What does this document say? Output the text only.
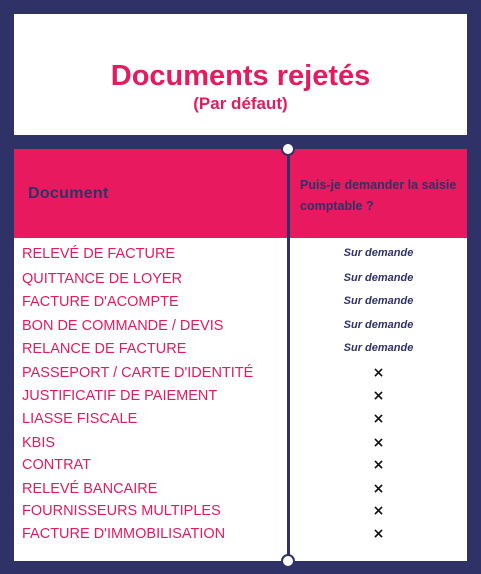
Documents rejetés
(Par défaut)
Document	Puis-je demander la saisie comptable ?
RELEVÉ DE FACTURE	Sur demande
QUITTANCE DE LOYER	Sur demande
FACTURE D'ACOMPTE	Sur demande
BON DE COMMANDE / DEVIS	Sur demande
RELANCE DE FACTURE	Sur demande
PASSEPORT / CARTE D'IDENTITÉ	×
JUSTIFICATIF DE PAIEMENT	×
LIASSE FISCALE	×
KBIS	×
CONTRAT	×
RELEVÉ BANCAIRE	×
FOURNISSEURS MULTIPLES	×
FACTURE D'IMMOBILISATION	×
